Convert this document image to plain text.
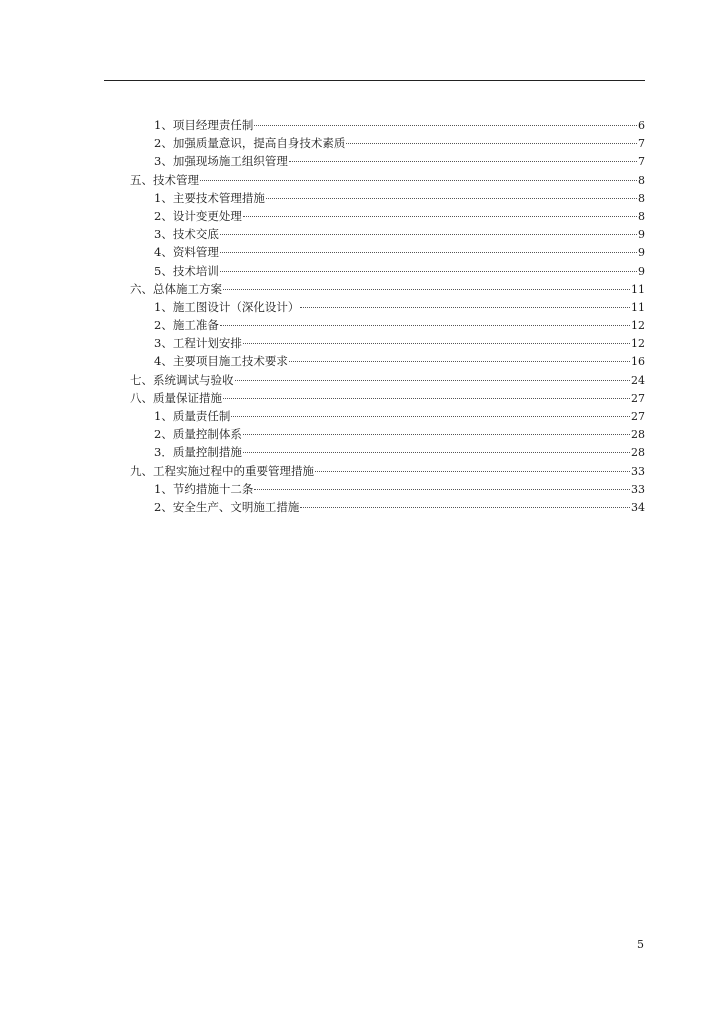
1、项目经理责任制	6
2、加强质量意识，提高自身技术素质	7
3、加强现场施工组织管理	7
五、技术管理	8
1、主要技术管理措施	8
2、设计变更处理	8
3、技术交底	9
4、资料管理	9
5、技术培训	9
六、总体施工方案	11
1、施工图设计（深化设计）	11
2、施工准备	12
3、工程计划安排	12
4、主要项目施工技术要求	16
七、系统调试与验收	24
八、质量保证措施	27
1、质量责任制	27
2、质量控制体系	28
3．质量控制措施	28
九、工程实施过程中的重要管理措施	33
1、节约措施十二条	33
2、安全生产、文明施工措施	34
5
